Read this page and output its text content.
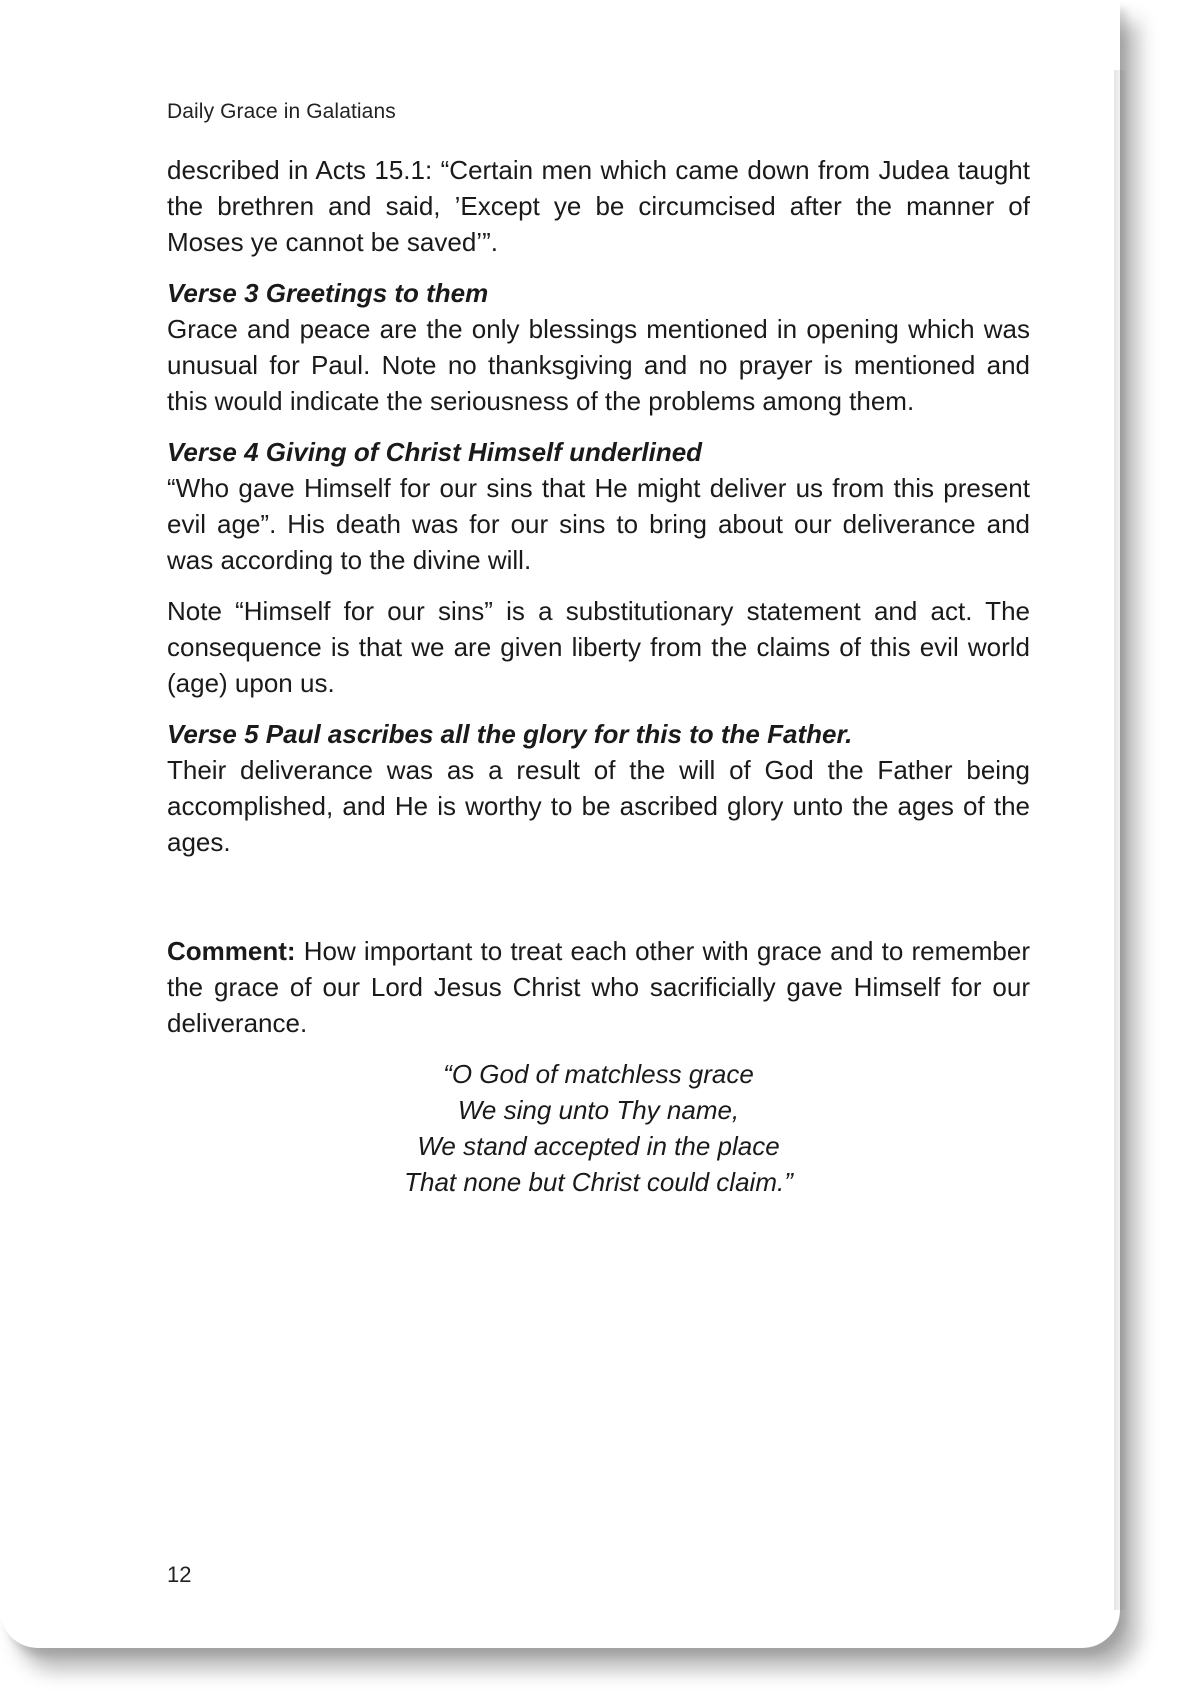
Daily Grace in Galatians

described in Acts 15.1: “Certain men which came down from Judea taught the brethren and said, ’Except ye be circumcised after the manner of Moses ye cannot be saved’”.

Verse 3 Greetings to them

Grace and peace are the only blessings mentioned in opening which was unusual for Paul. Note no thanksgiving and no prayer is mentioned and this would indicate the seriousness of the problems among them.

Verse 4 Giving of Christ Himself underlined

“Who gave Himself for our sins that He might deliver us from this present evil age”. His death was for our sins to bring about our deliverance and was according to the divine will.

Note “Himself for our sins” is a substitutionary statement and act. The consequence is that we are given liberty from the claims of this evil world (age) upon us.

Verse 5 Paul ascribes all the glory for this to the Father.

Their deliverance was as a result of the will of God the Father being accomplished, and He is worthy to be ascribed glory unto the ages of the ages.

Comment: How important to treat each other with grace and to remember the grace of our Lord Jesus Christ who sacrificially gave Himself for our deliverance.

“O God of matchless grace
We sing unto Thy name,
We stand accepted in the place
That none but Christ could claim.”
12
